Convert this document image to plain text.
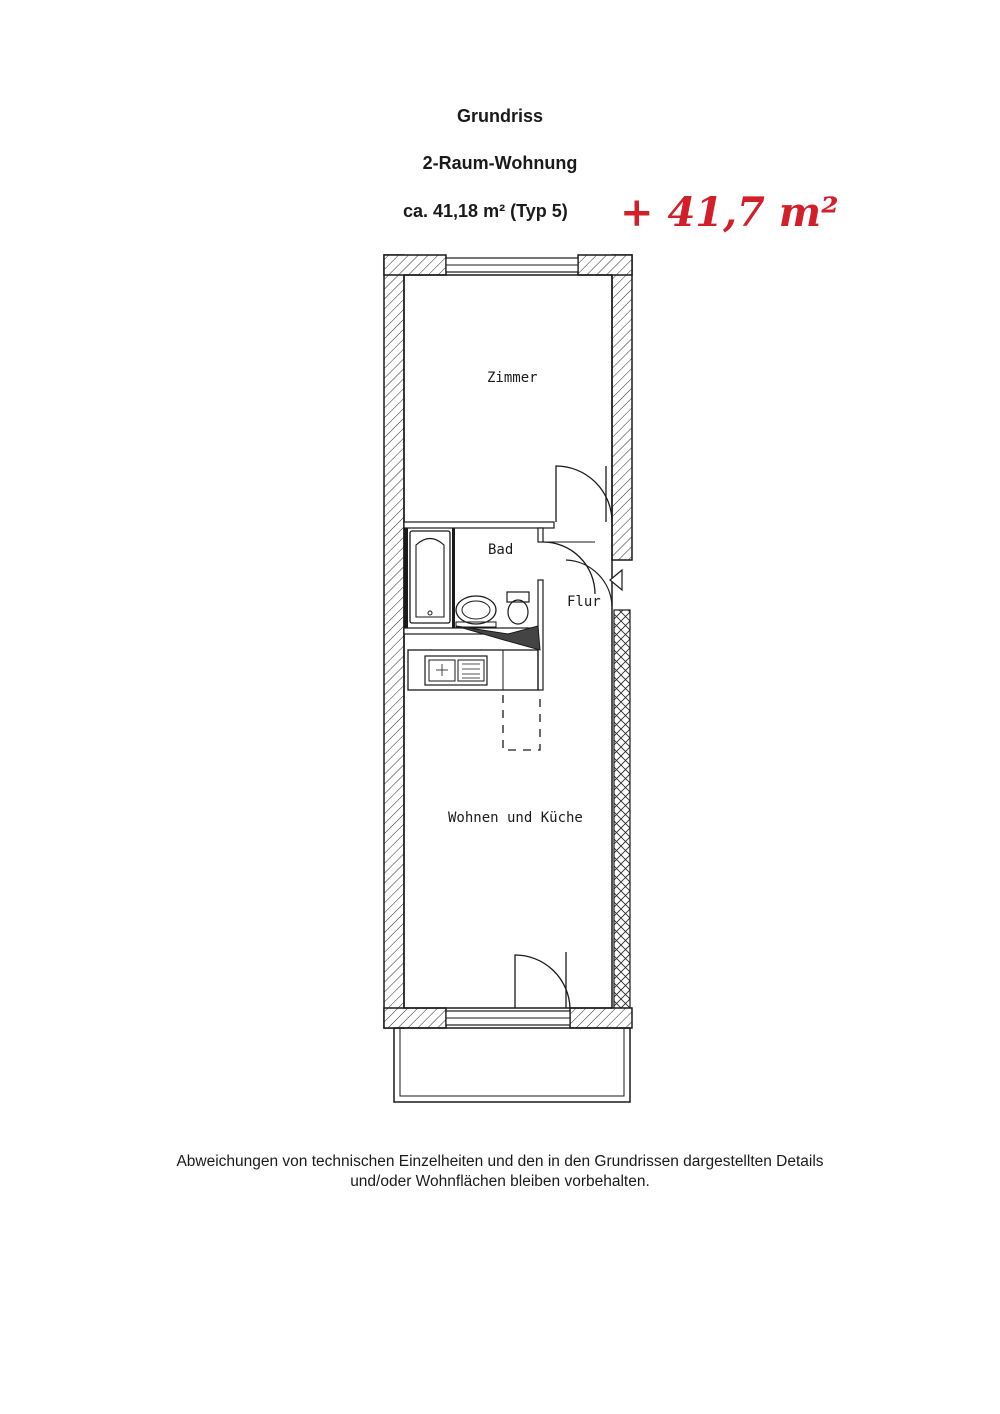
Grundriss
2-Raum-Wohnung
ca. 41,18 m² (Typ 5)	+ 41,7 m²
Zimmer
Bad
Flur
Wohnen und Küche
Abweichungen von technischen Einzelheiten und den in den Grundrissen dargestellten Details
und/oder Wohnflächen bleiben vorbehalten.
